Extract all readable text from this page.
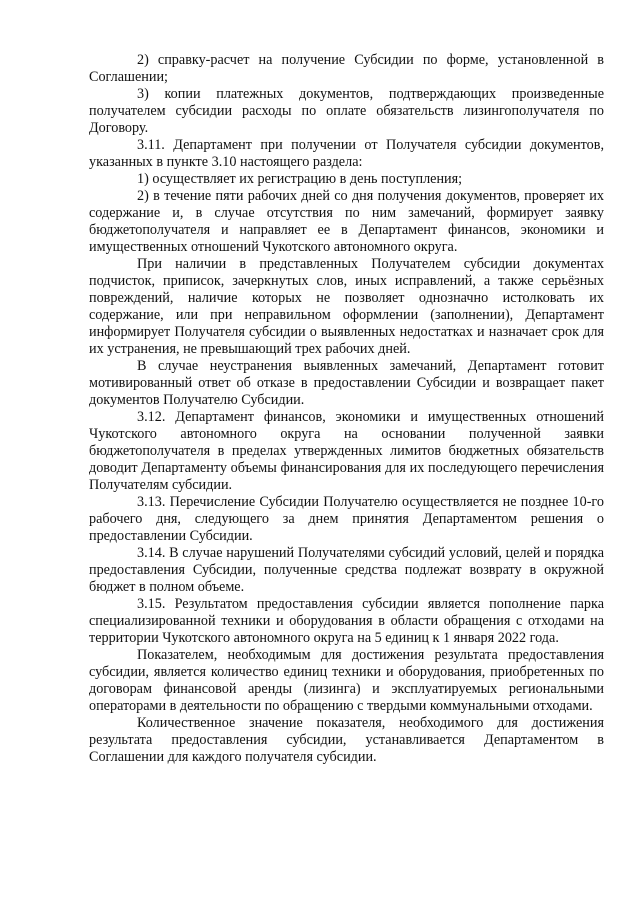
2) справку-расчет на получение Субсидии по форме, установленной в Соглашении;

3) копии платежных документов, подтверждающих произведенные получателем субсидии расходы по оплате обязательств лизингополучателя по Договору.

3.11. Департамент при получении от Получателя субсидии документов, указанных в пункте 3.10 настоящего раздела:

1) осуществляет их регистрацию в день поступления;

2) в течение пяти рабочих дней со дня получения документов, проверяет их содержание и, в случае отсутствия по ним замечаний, формирует заявку бюджетополучателя и направляет ее в Департамент финансов, экономики и имущественных отношений Чукотского автономного округа.

При наличии в представленных Получателем субсидии документах подчисток, приписок, зачеркнутых слов, иных исправлений, а также серьёзных повреждений, наличие которых не позволяет однозначно истолковать их содержание, или при неправильном оформлении (заполнении), Департамент информирует Получателя субсидии о выявленных недостатках и назначает срок для их устранения, не превышающий трех рабочих дней.

В случае неустранения выявленных замечаний, Департамент готовит мотивированный ответ об отказе в предоставлении Субсидии и возвращает пакет документов Получателю Субсидии.

3.12. Департамент финансов, экономики и имущественных отношений Чукотского автономного округа на основании полученной заявки бюджетополучателя в пределах утвержденных лимитов бюджетных обязательств доводит Департаменту объемы финансирования для их последующего перечисления Получателям субсидии.

3.13. Перечисление Субсидии Получателю осуществляется не позднее 10-го рабочего дня, следующего за днем принятия Департаментом решения о предоставлении Субсидии.

3.14. В случае нарушений Получателями субсидий условий, целей и порядка предоставления Субсидии, полученные средства подлежат возврату в окружной бюджет в полном объеме.

3.15. Результатом предоставления субсидии является пополнение парка специализированной техники и оборудования в области обращения с отходами на территории Чукотского автономного округа на 5 единиц к 1 января 2022 года.

Показателем, необходимым для достижения результата предоставления субсидии, является количество единиц техники и оборудования, приобретенных по договорам финансовой аренды (лизинга) и эксплуатируемых региональными операторами в деятельности по обращению с твердыми коммунальными отходами.

Количественное значение показателя, необходимого для достижения результата предоставления субсидии, устанавливается Департаментом в Соглашении для каждого получателя субсидии.
